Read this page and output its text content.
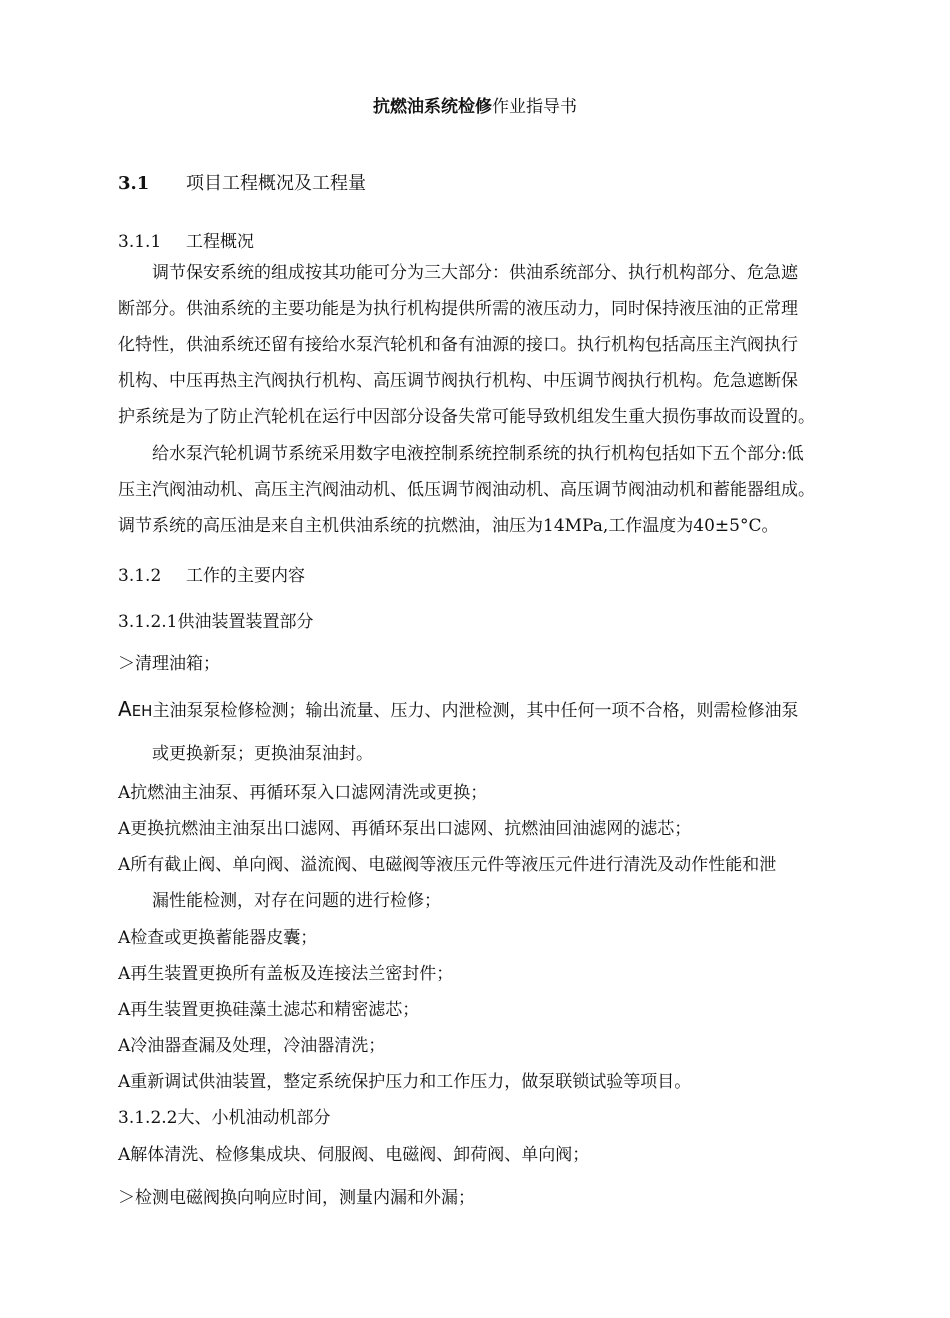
抗燃油系统检修作业指导书
3.1 项目工程概况及工程量
3.1.1 工程概况
调节保安系统的组成按其功能可分为三大部分：供油系统部分、执行机构部分、危急遮
断部分。供油系统的主要功能是为执行机构提供所需的液压动力，同时保持液压油的正常理
化特性，供油系统还留有接给水泵汽轮机和备有油源的接口。执行机构包括高压主汽阀执行
机构、中压再热主汽阀执行机构、高压调节阀执行机构、中压调节阀执行机构。危急遮断保
护系统是为了防止汽轮机在运行中因部分设备失常可能导致机组发生重大损伤事故而设置的。
给水泵汽轮机调节系统采用数字电液控制系统控制系统的执行机构包括如下五个部分:低
压主汽阀油动机、高压主汽阀油动机、低压调节阀油动机、高压调节阀油动机和蓄能器组成。
调节系统的高压油是来自主机供油系统的抗燃油，油压为14MPa,工作温度为40±5°C。
3.1.2 工作的主要内容
3.1.2.1供油装置装置部分
＞清理油箱；
AEH主油泵泵检修检测；输出流量、压力、内泄检测，其中任何一项不合格，则需检修油泵
或更换新泵；更换油泵油封。
A抗燃油主油泵、再循环泵入口滤网清洗或更换；
A更换抗燃油主油泵出口滤网、再循环泵出口滤网、抗燃油回油滤网的滤芯；
A所有截止阀、单向阀、溢流阀、电磁阀等液压元件等液压元件进行清洗及动作性能和泄
漏性能检测，对存在问题的进行检修；
A检查或更换蓄能器皮囊；
A再生装置更换所有盖板及连接法兰密封件；
A再生装置更换硅藻土滤芯和精密滤芯；
A冷油器查漏及处理，冷油器清洗；
A重新调试供油装置，整定系统保护压力和工作压力，做泵联锁试验等项目。
3.1.2.2大、小机油动机部分
A解体清洗、检修集成块、伺服阀、电磁阀、卸荷阀、单向阀；
＞检测电磁阀换向响应时间，测量内漏和外漏；
